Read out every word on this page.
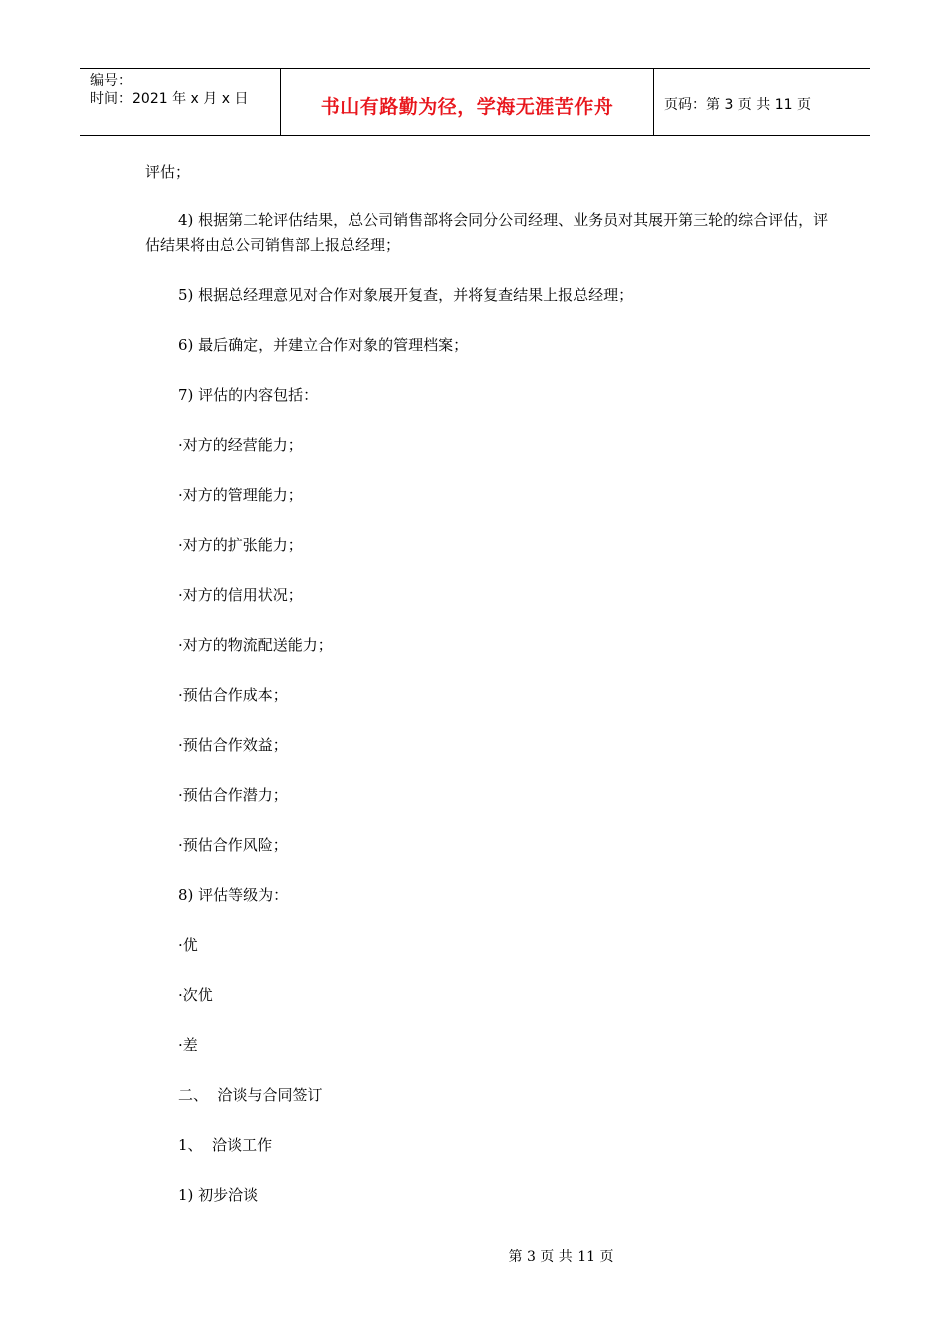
编号：
时间：2021 年 x 月 x 日	书山有路勤为径，学海无涯苦作舟	页码：第 3 页 共 11 页
评估；
4) 根据第二轮评估结果，总公司销售部将会同分公司经理、业务员对其展开第三轮的综合评估，评估结果将由总公司销售部上报总经理；
5) 根据总经理意见对合作对象展开复查，并将复查结果上报总经理；
6) 最后确定，并建立合作对象的管理档案；
7) 评估的内容包括：
·对方的经营能力；
·对方的管理能力；
·对方的扩张能力；
·对方的信用状况；
·对方的物流配送能力；
·预估合作成本；
·预估合作效益；
·预估合作潜力；
·预估合作风险；
8) 评估等级为：
·优
·次优
·差
二、  洽谈与合同签订
1、  洽谈工作
1) 初步洽谈
第 3 页 共 11 页
